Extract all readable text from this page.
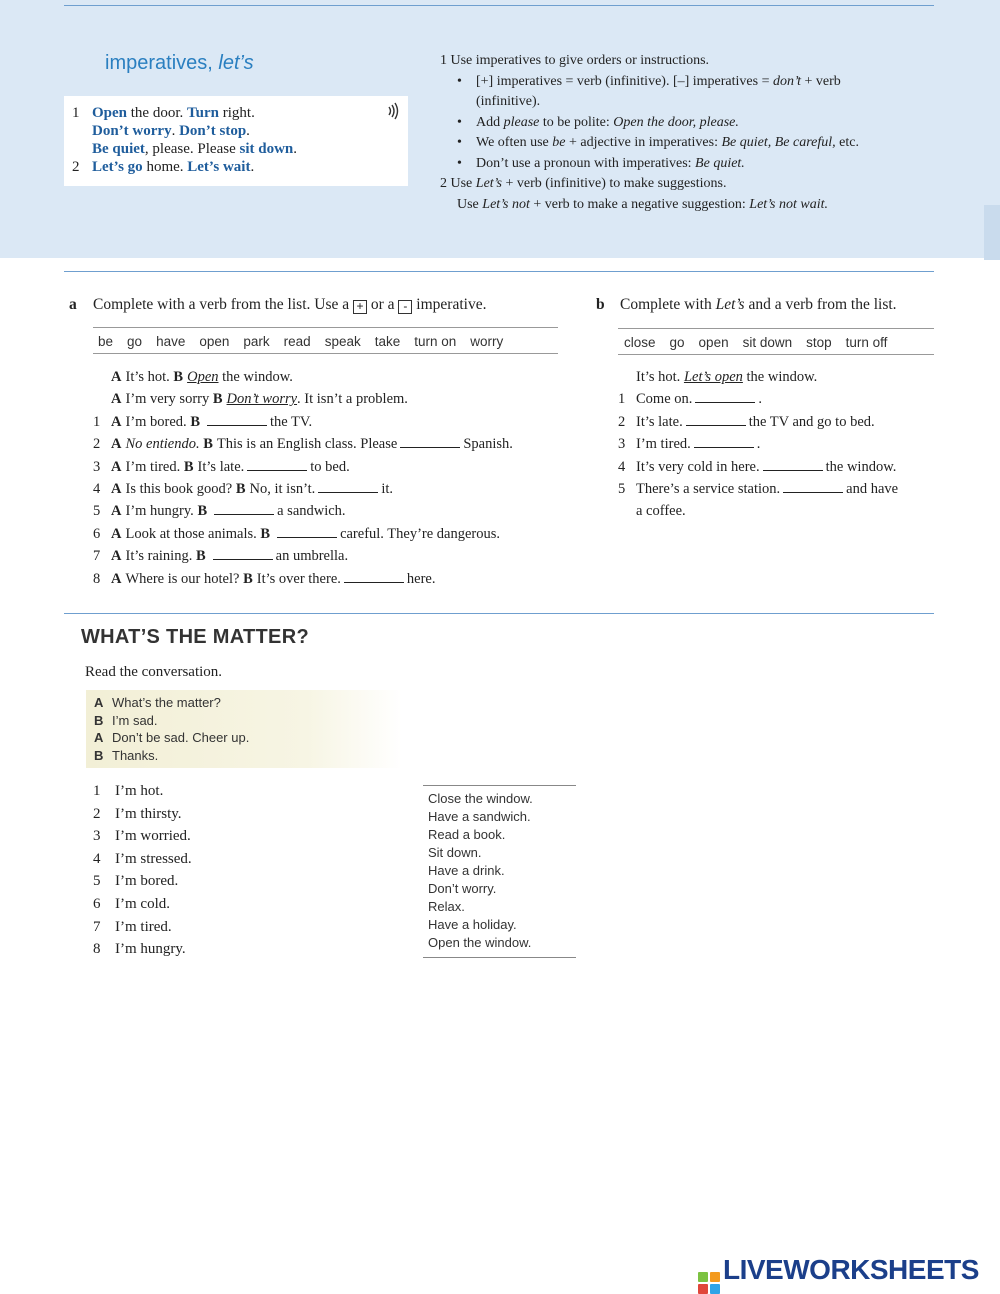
imperatives, let’s
1 Open the door. Turn right.
Don’t worry. Don’t stop.
Be quiet, please. Please sit down.
2 Let’s go home. Let’s wait.
1 Use imperatives to give orders or instructions.
• [+] imperatives = verb (infinitive). [–] imperatives = don’t + verb
(infinitive).
• Add please to be polite: Open the door, please.
• We often use be + adjective in imperatives: Be quiet, Be careful, etc.
• Don’t use a pronoun with imperatives: Be quiet.
2 Use Let’s + verb (infinitive) to make suggestions.
Use Let’s not + verb to make a negative suggestion: Let’s not wait.
a Complete with a verb from the list. Use a + or a - imperative.
be go have open park read speak take turn on worry
A It’s hot. B Open the window.
A I’m very sorry B Don’t worry. It isn’t a problem.
1 A I’m bored. B	the TV.
2 A No entiendo. B This is an English class. Please	Spanish.
3 A I’m tired. B It’s late.	to bed.
4 A Is this book good? B No, it isn’t.	it.
5 A I’m hungry. B	a sandwich.
6 A Look at those animals. B	careful. They’re dangerous.
7 A It’s raining. B	an umbrella.
8 A Where is our hotel? B It’s over there.	here.
b Complete with Let’s and a verb from the list.
close go open sit down stop turn off
It’s hot. Let’s open the window.
1 Come on.	.
2 It’s late.	the TV and go to bed.
3 I’m tired.	.
4 It’s very cold in here.	the window.
5 There’s a service station.	and have
a coffee.
WHAT’S THE MATTER?
Read the conversation.
A What’s the matter?
B I’m sad.
A Don’t be sad. Cheer up.
B Thanks.
1 I’m hot.
2 I’m thirsty.
3 I’m worried.
4 I’m stressed.
5 I’m bored.
6 I’m cold.
7 I’m tired.
8 I’m hungry.
Close the window.
Have a sandwich.
Read a book.
Sit down.
Have a drink.
Don’t worry.
Relax.
Have a holiday.
Open the window.
LIVEWORKSHEETS
